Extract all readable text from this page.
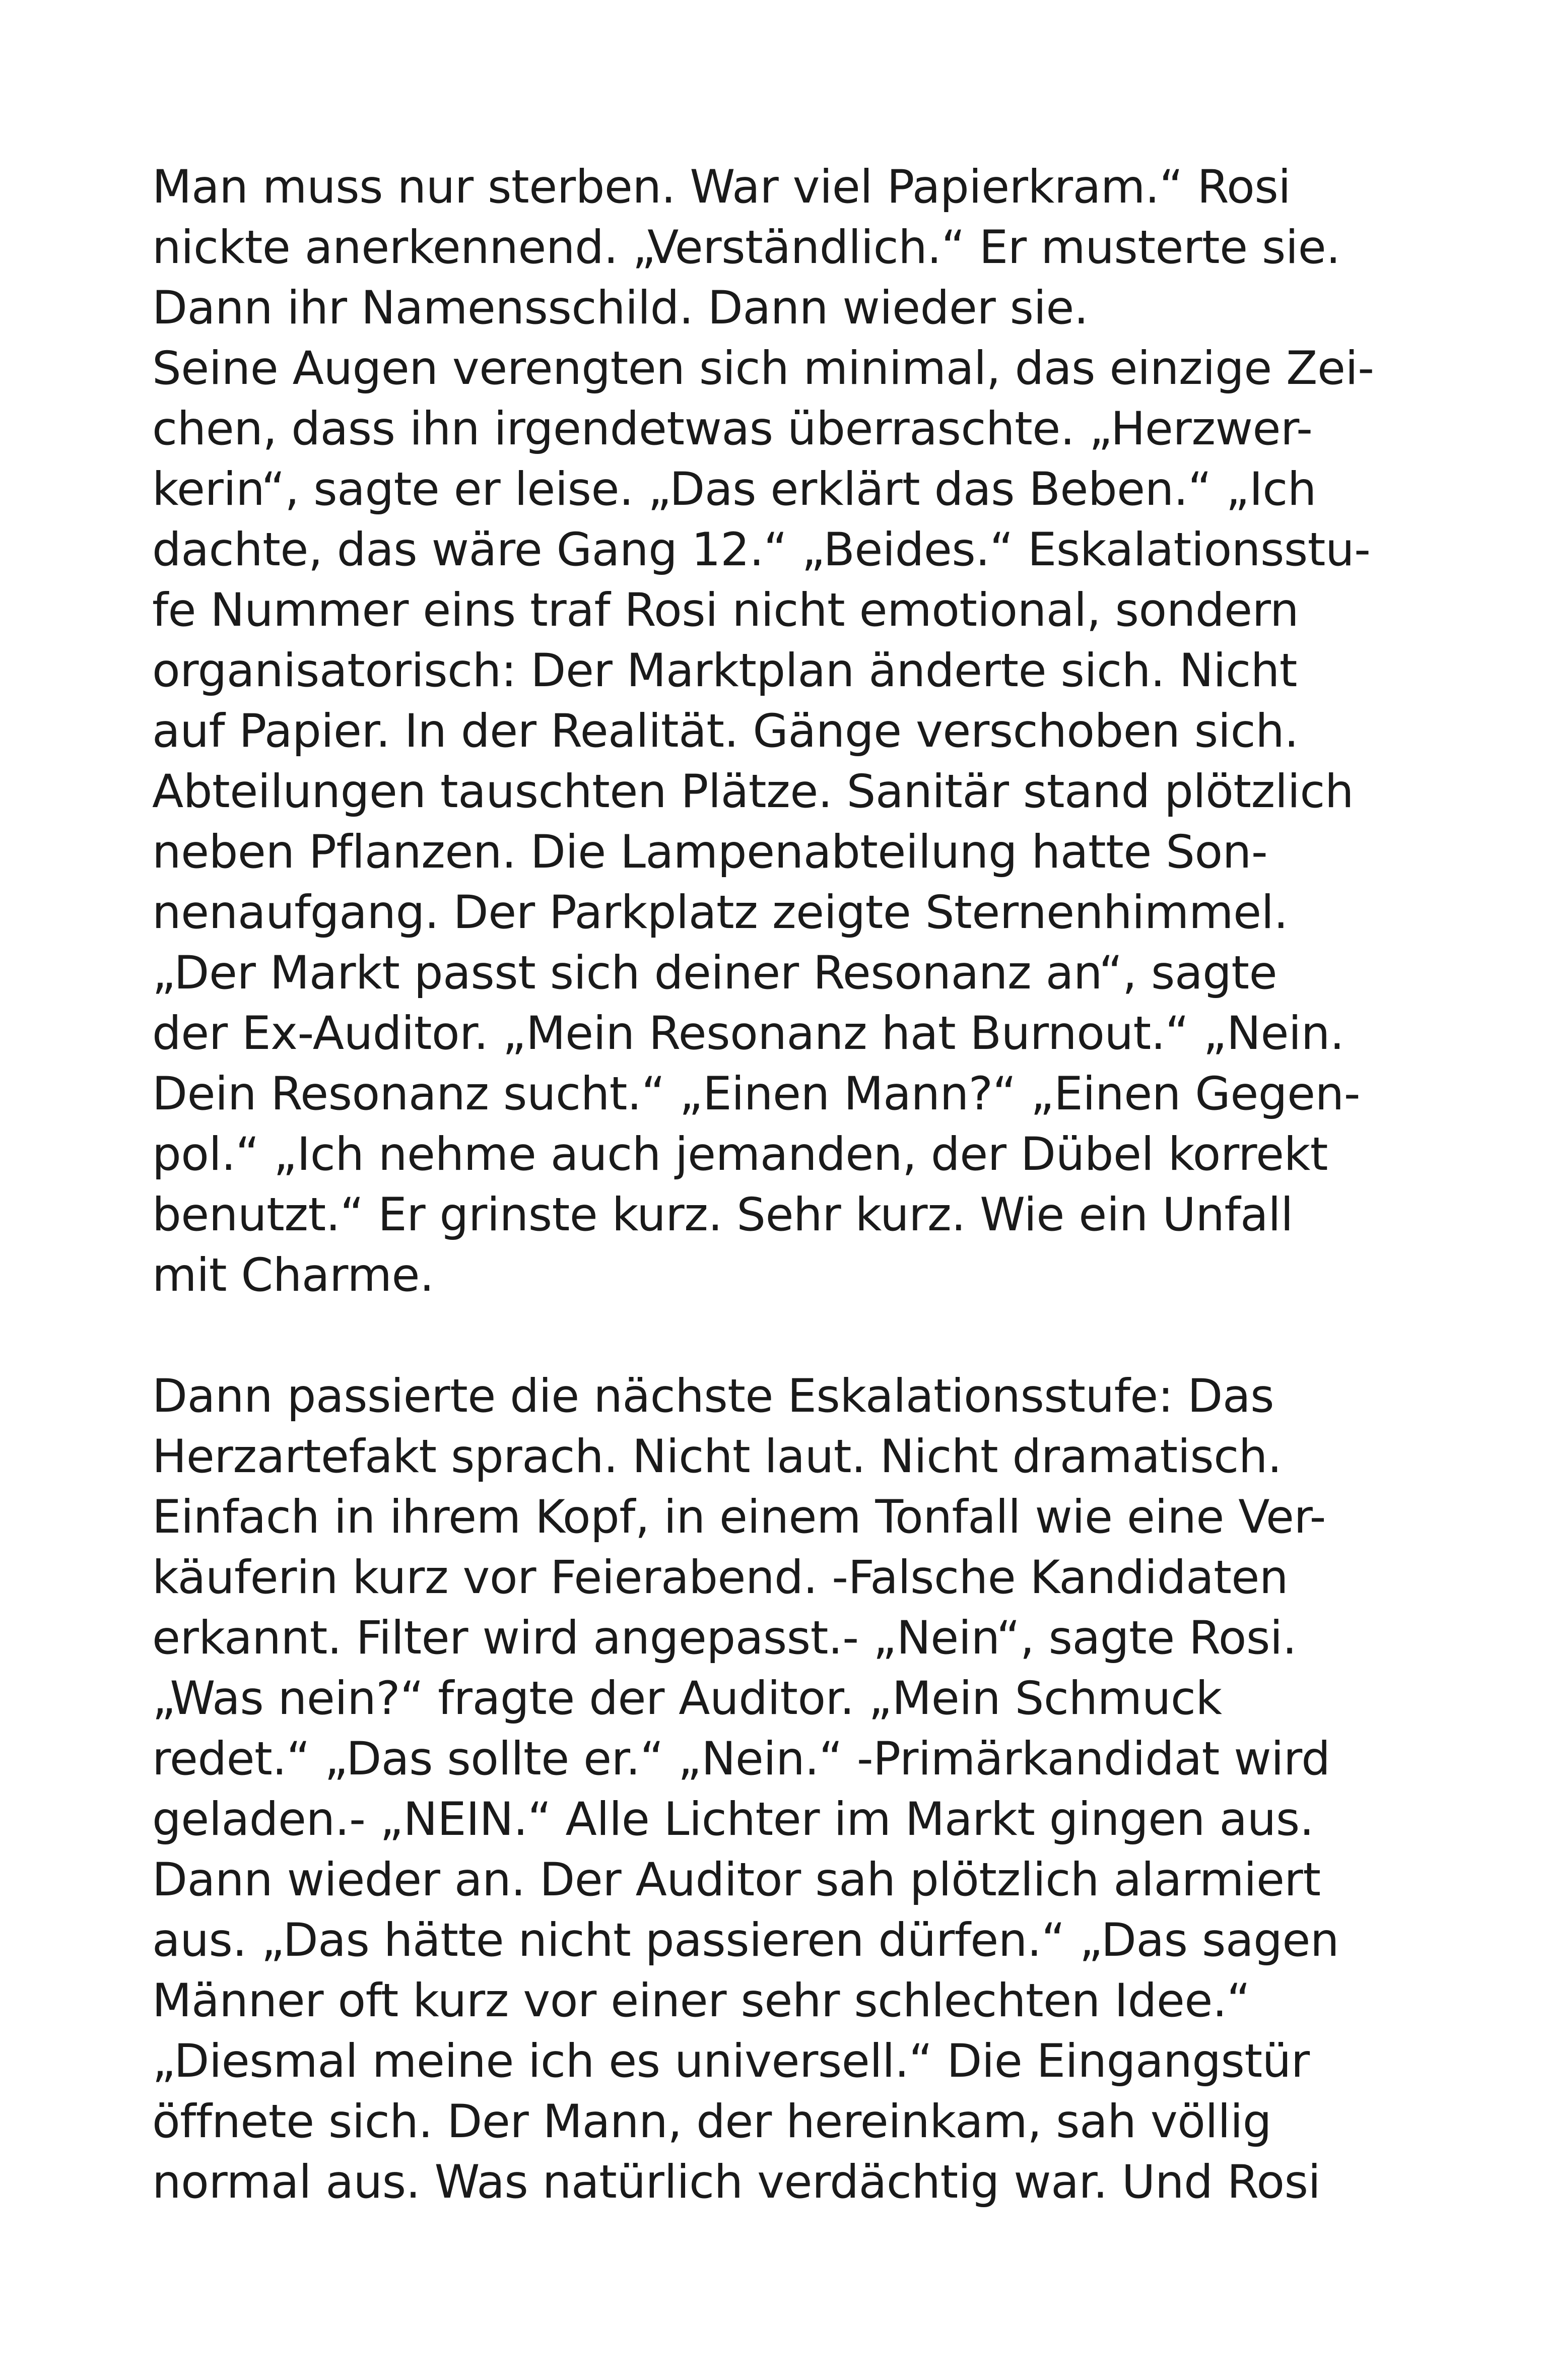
Man muss nur sterben. War viel Papierkram.“ Rosi
nickte anerkennend. „Verständlich.“ Er musterte sie.
Dann ihr Namensschild. Dann wieder sie.
Seine Augen verengten sich minimal, das einzige Zei-
chen, dass ihn irgendetwas überraschte. „Herzwer-
kerin“, sagte er leise. „Das erklärt das Beben.“ „Ich
dachte, das wäre Gang 12.“ „Beides.“ Eskalationsstu-
fe Nummer eins traf Rosi nicht emotional, sondern
organisatorisch: Der Marktplan änderte sich. Nicht
auf Papier. In der Realität. Gänge verschoben sich.
Abteilungen tauschten Plätze. Sanitär stand plötzlich
neben Pflanzen. Die Lampenabteilung hatte Son-
nenaufgang. Der Parkplatz zeigte Sternenhimmel.
„Der Markt passt sich deiner Resonanz an“, sagte
der Ex-Auditor. „Mein Resonanz hat Burnout.“ „Nein.
Dein Resonanz sucht.“ „Einen Mann?“ „Einen Gegen-
pol.“ „Ich nehme auch jemanden, der Dübel korrekt
benutzt.“ Er grinste kurz. Sehr kurz. Wie ein Unfall
mit Charme.
Dann passierte die nächste Eskalationsstufe: Das
Herzartefakt sprach. Nicht laut. Nicht dramatisch.
Einfach in ihrem Kopf, in einem Tonfall wie eine Ver-
käuferin kurz vor Feierabend. -Falsche Kandidaten
erkannt. Filter wird angepasst.- „Nein“, sagte Rosi.
„Was nein?“ fragte der Auditor. „Mein Schmuck
redet.“ „Das sollte er.“ „Nein.“ -Primärkandidat wird
geladen.- „NEIN.“ Alle Lichter im Markt gingen aus.
Dann wieder an. Der Auditor sah plötzlich alarmiert
aus. „Das hätte nicht passieren dürfen.“ „Das sagen
Männer oft kurz vor einer sehr schlechten Idee.“
„Diesmal meine ich es universell.“ Die Eingangstür
öffnete sich. Der Mann, der hereinkam, sah völlig
normal aus. Was natürlich verdächtig war. Und Rosi
